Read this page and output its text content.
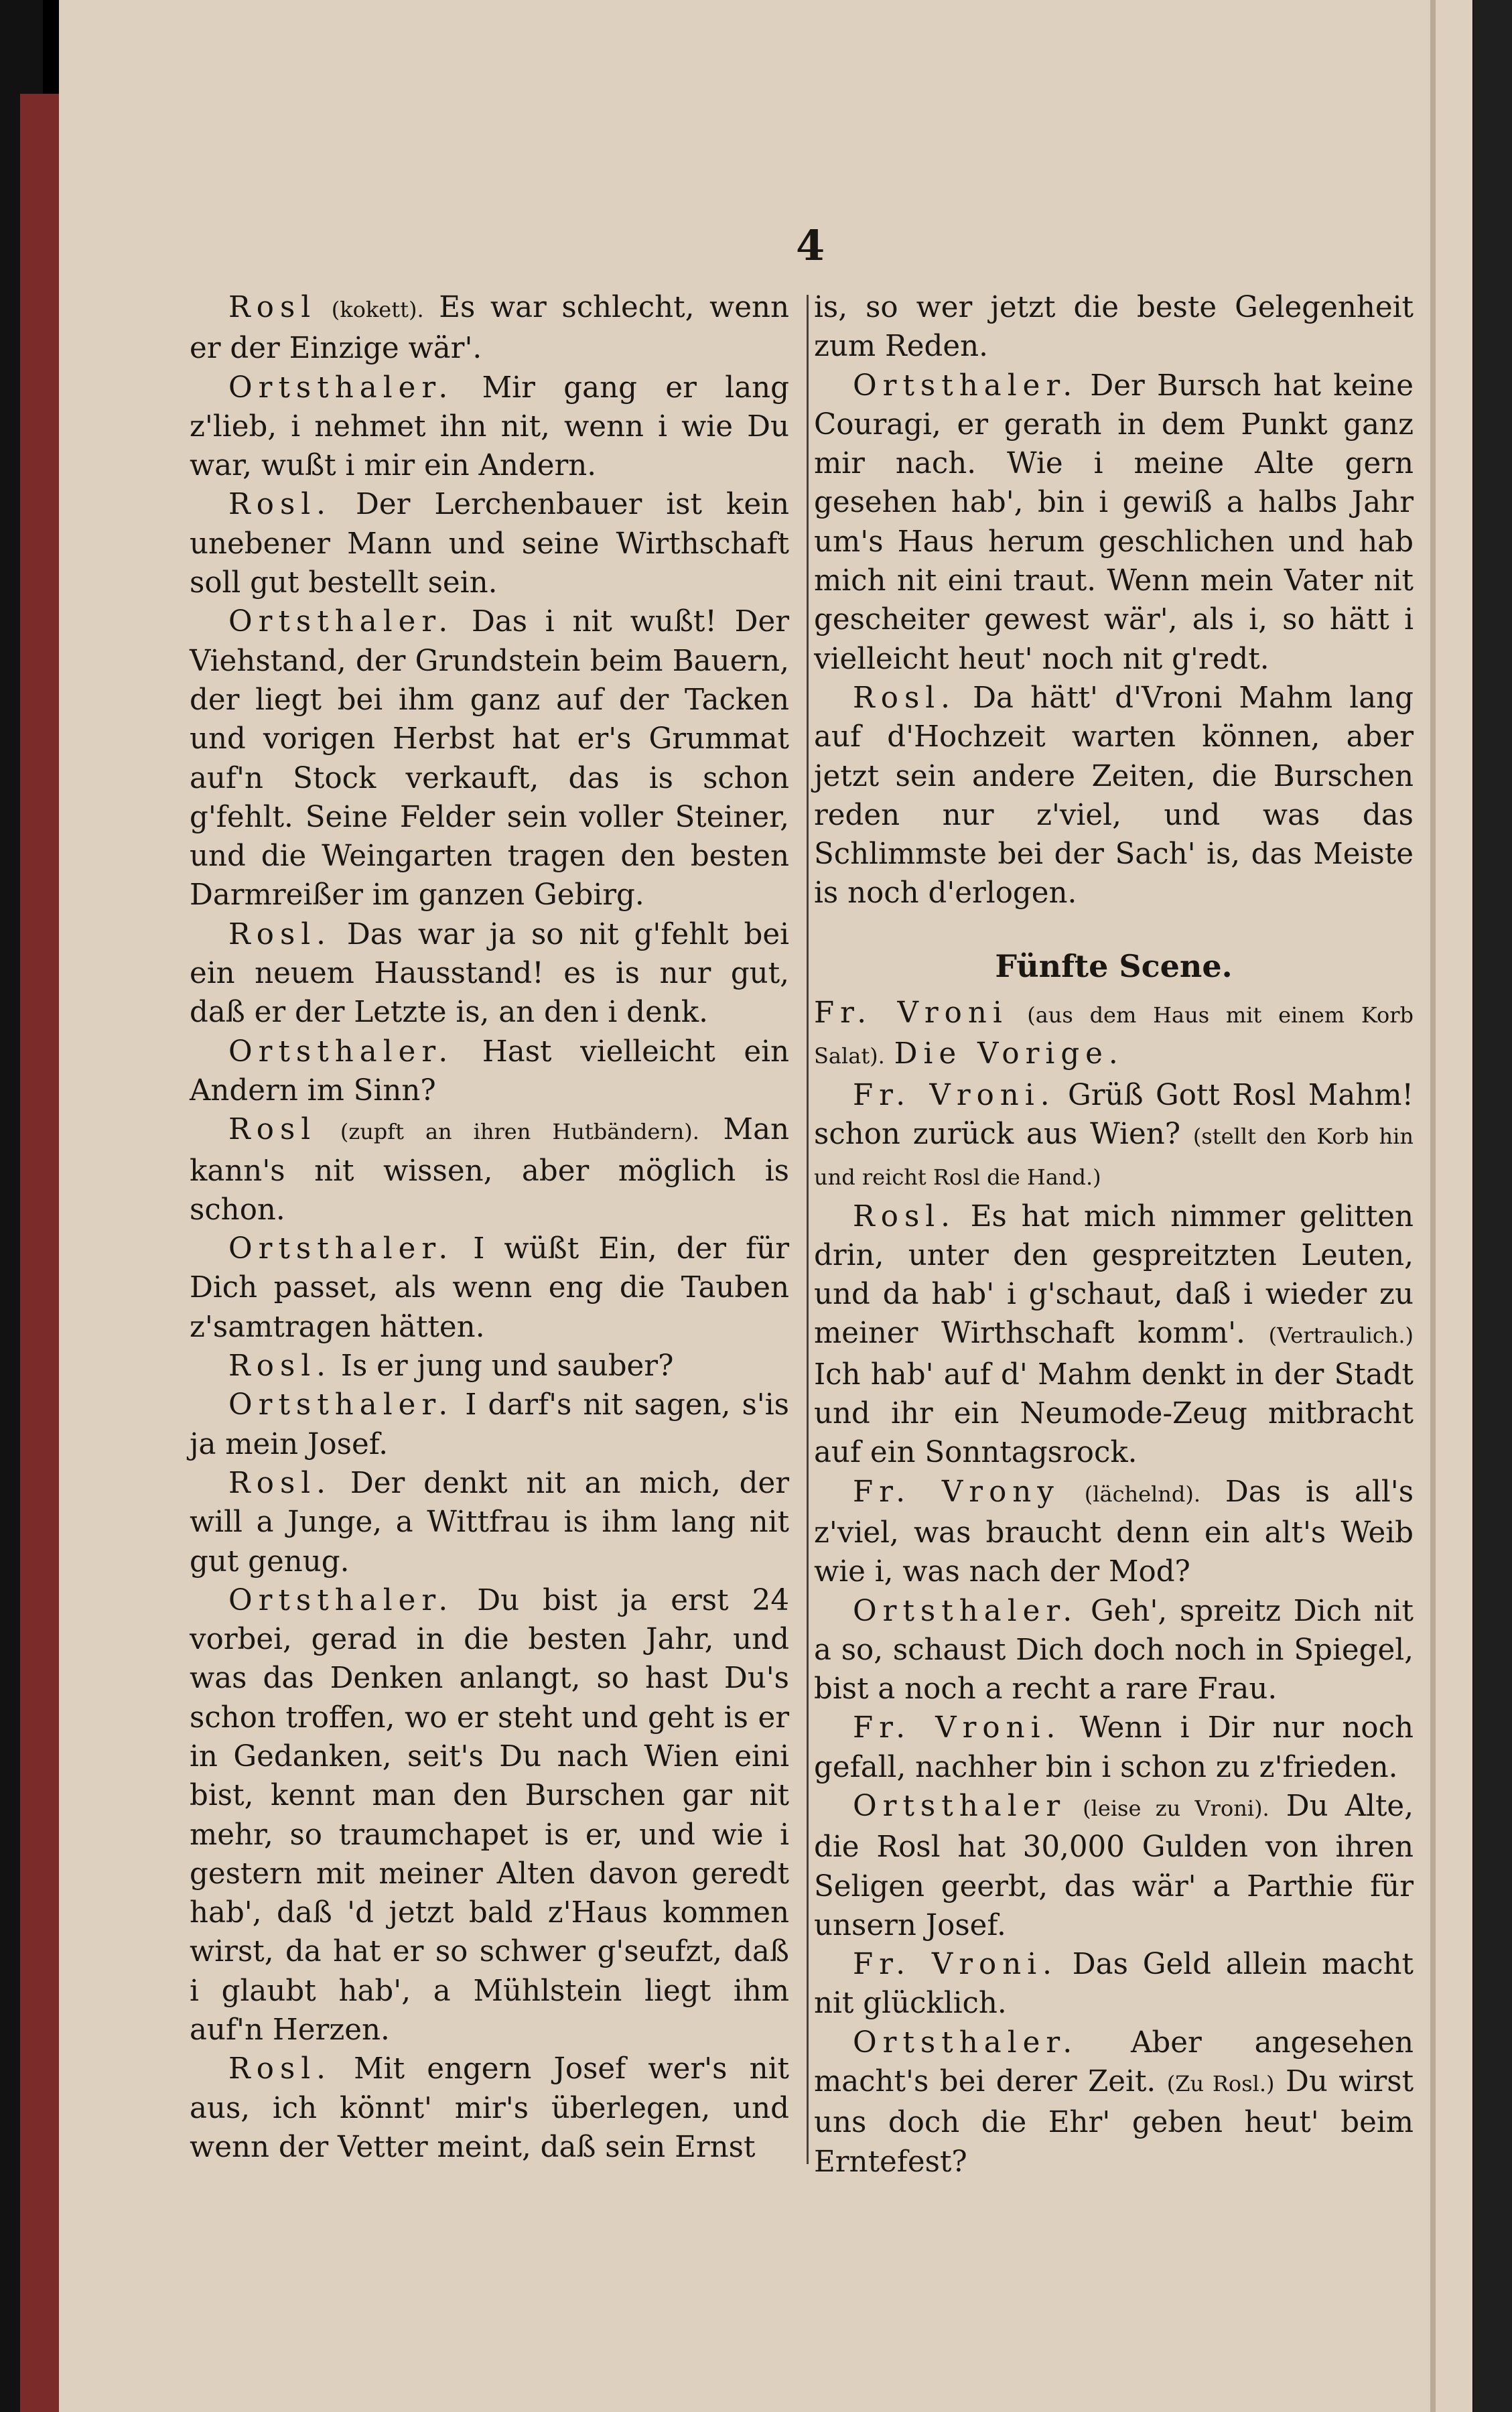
4

Rosl (kokett). Es war schlecht, wenn er der Einzige wär'.

Ortsthaler. Mir gang er lang z'lieb, i nehmet ihn nit, wenn i wie Du war, wußt i mir ein Andern.

Rosl. Der Lerchenbauer ist kein unebener Mann und seine Wirthschaft soll gut bestellt sein.

Ortsthaler. Das i nit wußt! Der Viehstand, der Grundstein beim Bauern, der liegt bei ihm ganz auf der Tacken und vorigen Herbst hat er's Grummat auf'n Stock verkauft, das is schon g'fehlt. Seine Felder sein voller Steiner, und die Weingarten tragen den besten Darmreißer im ganzen Gebirg.

Rosl. Das war ja so nit g'fehlt bei ein neuem Hausstand! es is nur gut, daß er der Letzte is, an den i denk.

Ortsthaler. Hast vielleicht ein Andern im Sinn?

Rosl (zupft an ihren Hutbändern). Man kann's nit wissen, aber möglich is schon.

Ortsthaler. I wüßt Ein, der für Dich passet, als wenn eng die Tauben z'samtragen hätten.

Rosl. Is er jung und sauber?

Ortsthaler. I darf's nit sagen, s'is ja mein Josef.

Rosl. Der denkt nit an mich, der will a Junge, a Wittfrau is ihm lang nit gut genug.

Ortsthaler. Du bist ja erst 24 vorbei, gerad in die besten Jahr, und was das Denken anlangt, so hast Du's schon troffen, wo er steht und geht is er in Gedanken, seit's Du nach Wien eini bist, kennt man den Burschen gar nit mehr, so traumchapet is er, und wie i gestern mit meiner Alten davon geredt hab', daß 'd jetzt bald z'Haus kommen wirst, da hat er so schwer g'seufzt, daß i glaubt hab', a Mühlstein liegt ihm auf'n Herzen.

Rosl. Mit engern Josef wer's nit aus, ich könnt' mir's überlegen, und wenn der Vetter meint, daß sein Ernst

is, so wer jetzt die beste Gelegenheit zum Reden.

Ortsthaler. Der Bursch hat keine Couragi, er gerath in dem Punkt ganz mir nach. Wie i meine Alte gern gesehen hab', bin i gewiß a halbs Jahr um's Haus herum geschlichen und hab mich nit eini traut. Wenn mein Vater nit gescheiter gewest wär', als i, so hätt i vielleicht heut' noch nit g'redt.

Rosl. Da hätt' d'Vroni Mahm lang auf d'Hochzeit warten können, aber jetzt sein andere Zeiten, die Burschen reden nur z'viel, und was das Schlimmste bei der Sach' is, das Meiste is noch d'erlogen.

Fünfte Scene.

Fr. Vroni (aus dem Haus mit einem Korb Salat). Die Vorige.

Fr. Vroni. Grüß Gott Rosl Mahm! schon zurück aus Wien? (stellt den Korb hin und reicht Rosl die Hand.)

Rosl. Es hat mich nimmer gelitten drin, unter den gespreitzten Leuten, und da hab' i g'schaut, daß i wieder zu meiner Wirthschaft komm'. (Vertraulich.) Ich hab' auf d' Mahm denkt in der Stadt und ihr ein Neumode-Zeug mitbracht auf ein Sonntagsrock.

Fr. Vrony (lächelnd). Das is all's z'viel, was braucht denn ein alt's Weib wie i, was nach der Mod?

Ortsthaler. Geh', spreitz Dich nit a so, schaust Dich doch noch in Spiegel, bist a noch a recht a rare Frau.

Fr. Vroni. Wenn i Dir nur noch gefall, nachher bin i schon zu z'frieden.

Ortsthaler (leise zu Vroni). Du Alte, die Rosl hat 30,000 Gulden von ihren Seligen geerbt, das wär' a Parthie für unsern Josef.

Fr. Vroni. Das Geld allein macht nit glücklich.

Ortsthaler. Aber angesehen macht's bei derer Zeit. (Zu Rosl.) Du wirst uns doch die Ehr' geben heut' beim Erntefest?
